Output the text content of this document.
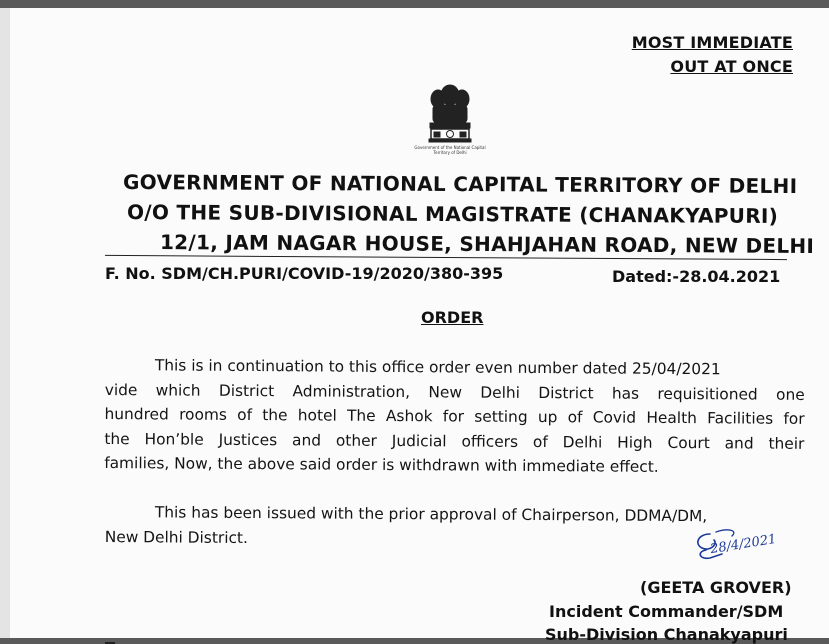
MOST IMMEDIATE
OUT AT ONCE
Government of the National Capital Territory of Delhi
GOVERNMENT OF NATIONAL CAPITAL TERRITORY OF DELHI
O/O THE SUB-DIVISIONAL MAGISTRATE (CHANAKYAPURI)
12/1, JAM NAGAR HOUSE, SHAHJAHAN ROAD, NEW DELHI
F. No. SDM/CH.PURI/COVID-19/2020/380-395	Dated:-28.04.2021
ORDER
This is in continuation to this office order even number dated 25/04/2021
vide which District Administration, New Delhi District has requisitioned one
hundred rooms of the hotel The Ashok for setting up of Covid Health Facilities for
the Hon’ble Justices and other Judicial officers of Delhi High Court and their
families, Now, the above said order is withdrawn with immediate effect.
This has been issued with the prior approval of Chairperson, DDMA/DM,
New Delhi District.	28/4/2021
(GEETA GROVER)
Incident Commander/SDM
Sub-Division Chanakyapuri
